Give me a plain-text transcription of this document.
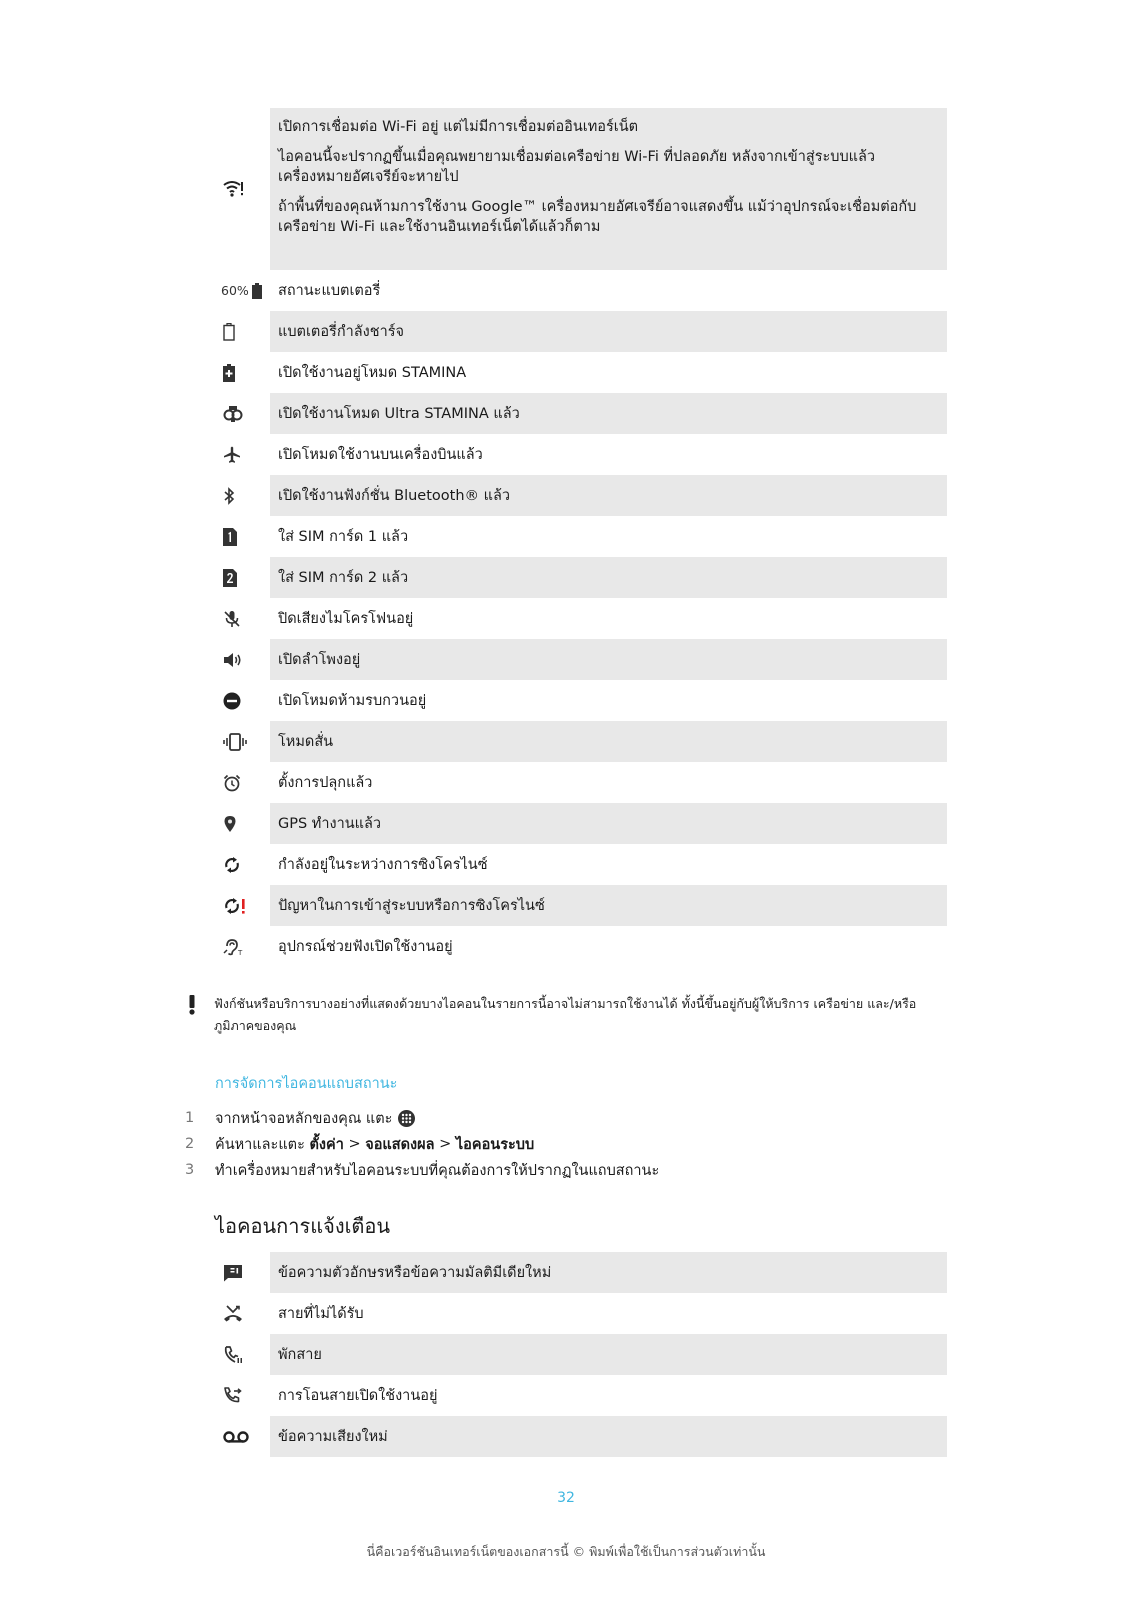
เปิดการเชื่อมต่อ Wi-Fi อยู่ แต่ไม่มีการเชื่อมต่ออินเทอร์เน็ต

ไอคอนนี้จะปรากฏขึ้นเมื่อคุณพยายามเชื่อมต่อเครือข่าย Wi-Fi ที่ปลอดภัย หลังจากเข้าสู่ระบบแล้ว เครื่องหมายอัศเจรีย์จะหายไป

ถ้าพื้นที่ของคุณห้ามการใช้งาน Google™ เครื่องหมายอัศเจรีย์อาจแสดงขึ้น แม้ว่าอุปกรณ์จะเชื่อมต่อกับเครือข่าย Wi-Fi และใช้งานอินเทอร์เน็ตได้แล้วก็ตาม

60% สถานะแบตเตอรี่

แบตเตอรี่กำลังชาร์จ

เปิดใช้งานอยู่โหมด STAMINA

เปิดใช้งานโหมด Ultra STAMINA แล้ว

เปิดโหมดใช้งานบนเครื่องบินแล้ว

เปิดใช้งานฟังก์ชั่น Bluetooth® แล้ว

ใส่ SIM การ์ด 1 แล้ว

ใส่ SIM การ์ด 2 แล้ว

ปิดเสียงไมโครโฟนอยู่

เปิดลำโพงอยู่

เปิดโหมดห้ามรบกวนอยู่

โหมดสั่น

ตั้งการปลุกแล้ว

GPS ทำงานแล้ว

กำลังอยู่ในระหว่างการซิงโครไนซ์

ปัญหาในการเข้าสู่ระบบหรือการซิงโครไนซ์

T อุปกรณ์ช่วยฟังเปิดใช้งานอยู่

ฟังก์ชันหรือบริการบางอย่างที่แสดงด้วยบางไอคอนในรายการนี้อาจไม่สามารถใช้งานได้ ทั้งนี้ขึ้นอยู่กับผู้ให้บริการ เครือข่าย และ/หรือภูมิภาคของคุณ
การจัดการไอคอนแถบสถานะ
1	จากหน้าจอหลักของคุณ แตะ
2	ค้นหาและแตะ
ตั้งค่า
>
จอแสดงผล
>
ไอคอนระบบ
3	ทำเครื่องหมายสำหรับไอคอนระบบที่คุณต้องการให้ปรากฏในแถบสถานะ
ไอคอนการแจ้งเตือน

ข้อความตัวอักษรหรือข้อความมัลติมีเดียใหม่

สายที่ไม่ได้รับ

พักสาย

การโอนสายเปิดใช้งานอยู่

ข้อความเสียงใหม่

32
นี่คือเวอร์ชันอินเทอร์เน็ตของเอกสารนี้ © พิมพ์เพื่อใช้เป็นการส่วนตัวเท่านั้น
